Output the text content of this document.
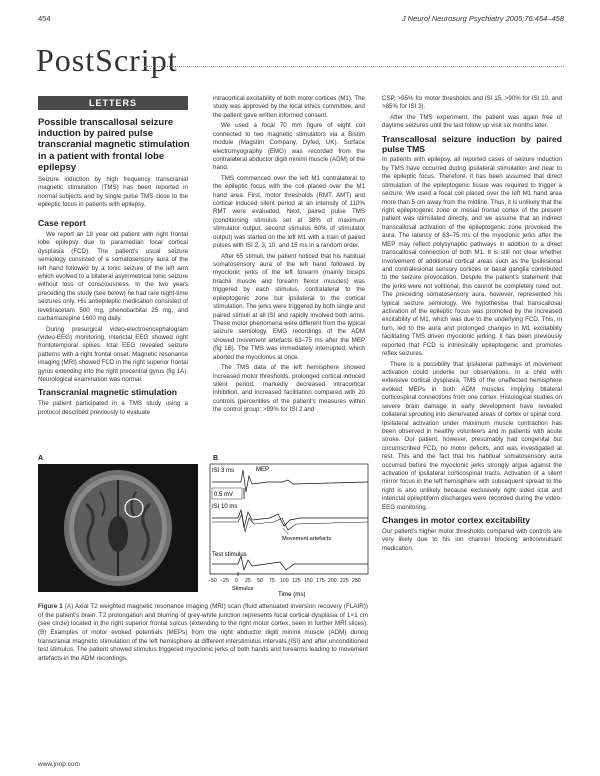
454	J Neurol Neurosurg Psychiatry 2005;76:454–458
PostScript
LETTERS
Possible transcallosal seizure induction by paired pulse transcranial magnetic stimulation in a patient with frontal lobe epilepsy

Seizure induction by high frequency transcranial magnetic stimulation (TMS) has been reported in normal subjects and by single pulse TMS close to the epileptic focus in patients with epilepsy.

Case report

We report an 18 year old patient with right frontal lobe epilepsy due to paramedian focal cortical dysplasia (FCD). The patient's usual seizure semiology consisted of a somatosensory aura of the left hand followed by a tonic seizure of the left arm which evolved to a bilateral asymmetrical tonic seizure without loss of consciousness. In the two years preceding the study (see below) he had rare night-time seizures only. His antiepileptic medication consisted of levetiracetam 500 mg, phenobarbital 25 mg, and carbamazepine 1600 mg daily.

During presurgical video-electroencephalogram (video-EEG) monitoring, interictal EEG showed right frontotemporal spikes. Ictal EEG revealed seizure patterns with a right frontal onset. Magnetic resonance imaging (MRI) showed FCD in the right superior frontal gyrus extending into the right precentral gyrus (fig 1A). Neurological examination was normal.

Transcranial magnetic stimulation

The patient participated in a TMS study using a protocol described previously to evaluate

intracortical excitability of both motor cortices (M1). The study was approved by the local ethics committee, and the patient gave written informed consent.

We used a focal 70 mm figure of eight coil connected to two magnetic stimulators via a Bistim module (Magstim Company, Dyfed, UK). Surface electromyography (EMG) was recorded from the contralateral abductor digiti minimi muscle (ADM) of the hand.

TMS commenced over the left M1 contralateral to the epileptic focus with the coil placed over the M1 hand area. First, motor thresholds (RMT, AMT) and cortical induced silent period at an intensity of 110% RMT were evaluated. Next, paired pulse TMS (conditioning stimulus set at 38% of maximum stimulator output, second stimulus 60% of stimulator output) was started on the left M1 with a train of paired pulses with ISI 2, 3, 10, and 15 ms in a random order.

After 65 stimuli, the patient noticed that his habitual somatosensory aura of the left hand followed by myoclonic jerks of the left forearm (mainly biceps brachii muscle and forearm flexor muscles) was triggered by each stimulus, contralateral to the epileptogenic zone but ipsilateral to the cortical stimulation. The jerks were triggered by both single and paired stimuli at all ISI and rapidly involved both arms. These motor phenomena were different from the typical seizure semiology. EMG recordings of the ADM showed movement artefacts 63–75 ms after the MEP (fig 1B). The TMS was immediately interrupted, which aborted the myoclonus at once.

The TMS data of the left hemisphere showed increased motor thresholds, prolonged cortical induced silent period, markedly decreased intracortical inhibition, and increased facilitation compared with 20 controls (percentiles of the patient's measures within the control group: >99% for ISI 2 and

CSP, >95% for motor thresholds and ISI 15, >90% for ISI 10, and >85% for ISI 3).

After the TMS experiment, the patient was again free of daytime seizures until the last follow up visit six months later.

Transcallosal seizure induction by paired pulse TMS

In patients with epilepsy, all reported cases of seizure induction by TMS have occurred during ipsilateral stimulation and near to the epileptic focus. Therefore, it has been assumed that direct stimulation of the epileptogenic tissue was required to trigger a seizure. We used a focal coil placed over the left M1 hand area more than 5 cm away from the midline. Thus, it is unlikely that the right epileptogenic zone or mesial frontal cortex of the present patient was stimulated directly, and we assume that an indirect transcallosal activation of the epileptogenic zone provoked the aura. The latency of 63–75 ms of the myoclonic jerks after the MEP may reflect polysynaptic pathways in addition to a direct transcallosal connection of both M1. It is still not clear whether involvement of additional cortical areas such as the ipsilesional and contralesional sensory cortices or basal ganglia contributed to the seizure provocation. Despite the patient's statement that the jerks were not volitional, this cannot be completely ruled out. The preceding somatosensory aura, however, represented his typical seizure semiology. We hypothesise that transcallosal activation of the epileptic focus was promoted by the increased excitability of M1, which was due to the underlying FCD. This, in turn, led to the aura and prolonged changes in M1 excitability facilitating TMS driven myoclonic jerking. It has been previously reported that FCD is intrinsically epileptogenic and promotes reflex seizures.

There is a possibility that ipsilateral pathways of movement activation could underlie our observations. In a child with extensive cortical dysplasia, TMS of the unaffected hemisphere evoked MEPs in both ADM muscles implying bilateral corticospinal connections from one cortex. Histological studies on severe brain damage in early development have revealed collateral sprouting into denervated areas of cortex or spinal cord. Ipsilateral activation under maximum muscle contraction has been observed in healthy volunteers and in patients with acute stroke. Our patient, however, presumably had congenital but circumscribed FCD, no motor deficits, and was investigated at rest. This and the fact that his habitual somatosensory aura occurred before the myoclonic jerks strongly argue against the activation of ipsilateral corticospinal tracts. Activation of a silent mirror focus in the left hemisphere with subsequent spread to the right is also unlikely because exclusively right sided ictal and interictal epileptiform discharges were recorded during the video-EEG monitoring.

Changes in motor cortex excitability

Our patient's higher motor thresholds compared with controls are very likely due to his ion channel blocking anticonvulsant medication.

A	B
ISI 3 ms	MEP
0.5 mV
ISI 10 ms
Movement artefacts
Test stimulus
−50 −25 0 25 50 75 100 125 150 175 200 225 250
Stimulus
Time (ms)
Figure 1 (A) Axial T2 weighted magnetic resonance imaging (MRI) scan (fluid attenuated inversion recovery (FLAIR)) of the patient's brain. T2 prolongation and blurring of grey-white junction represents focal cortical dysplasia of 1×1 cm (see circle) located in the right superior frontal sulcus (extending to the right motor cortex, seen in further MRI slices). (B) Examples of motor evoked potentials (MEPs) from the right abductor digiti minimi muscle (ADM) during transcranial magnetic stimulation of the left hemisphere at different interstimulus intervals (ISI) and after unconditioned test stimulus. The patient showed stimulus triggered myoclonic jerks of both hands and forearms leading to movement artefacts in the ADM recordings.
www.jnnp.com
